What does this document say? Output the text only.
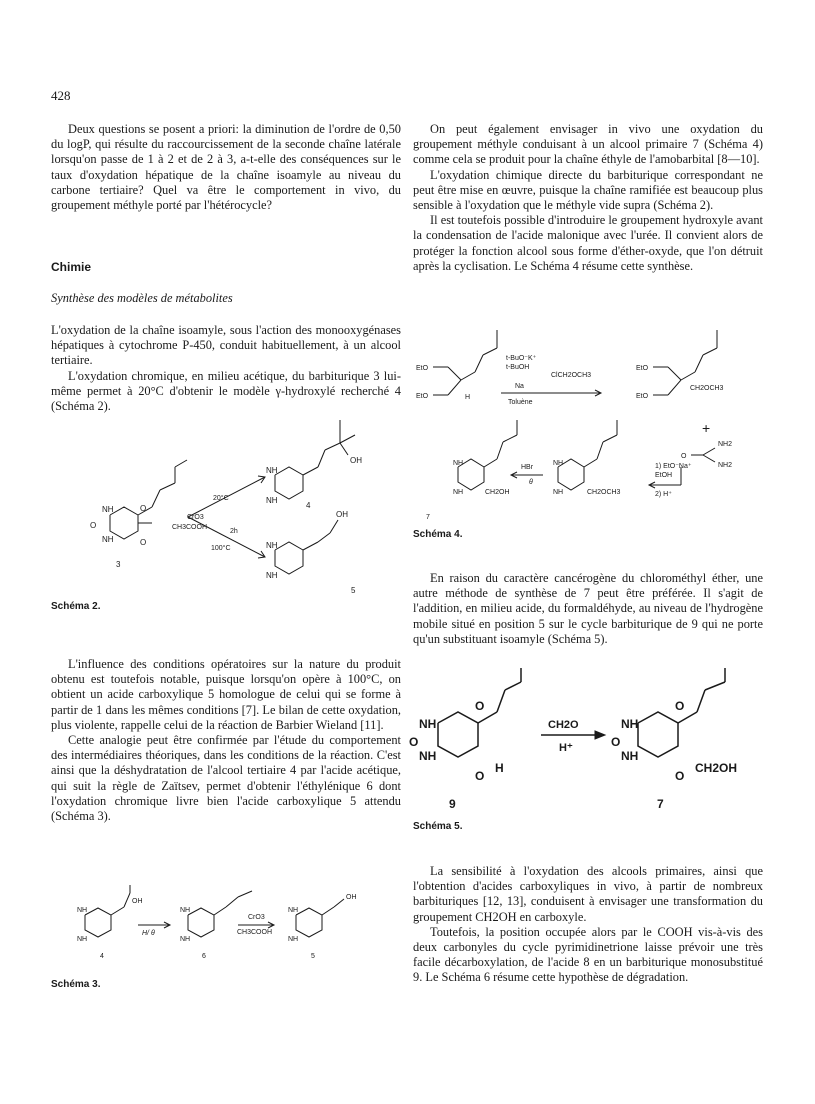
428

Deux questions se posent a priori: la diminution de l'ordre de 0,50 du logP, qui résulte du raccourcissement de la seconde chaîne latérale lorsqu'on passe de 1 à 2 et de 2 à 3, a-t-elle des conséquences sur le taux d'oxydation hépatique de la chaîne isoamyle au niveau du carbone tertiaire? Quel va être le comportement in vivo, du groupement méthyle porté par l'hétérocycle?

Chimie
Synthèse des modèles de métabolites

L'oxydation de la chaîne isoamyle, sous l'action des monooxygénases hépatiques à cytochrome P-450, conduit habituellement, à un alcool tertiaire.

L'oxydation chromique, en milieu acétique, du barbiturique 3 lui-même permet à 20°C d'obtenir le modèle γ-hydroxylé recherché 4 (Schéma 2).

NH
NH
O
O
O
3
20°C
CrO3
CH3COOH
2h
100°C
NH
NH
OH
4
NH
NH
OH
5
Schéma 2.

L'influence des conditions opératoires sur la nature du produit obtenu est toutefois notable, puisque lorsqu'on opère à 100°C, on obtient un acide carboxylique 5 homologue de celui qui se forme à partir de 1 dans les mêmes conditions [7]. Le bilan de cette oxydation, plus violente, rappelle celui de la réaction de Barbier Wieland [11].

Cette analogie peut être confirmée par l'étude du comportement des intermédiaires théoriques, dans les conditions de la réaction. C'est ainsi que la déshydratation de l'alcool tertiaire 4 par l'acide acétique, qui suit la règle de Zaïtsev, permet d'obtenir l'éthylénique 6 dont l'oxydation chromique livre bien l'acide carboxylique 5 attendu (Schéma 3).

NH
NH
OH
4
H/ θ
NH
NH
6
CrO3
CH3COOH
NH
NH
OH
5
Schéma 3.

On peut également envisager in vivo une oxydation du groupement méthyle conduisant à un alcool primaire 7 (Schéma 4) comme cela se produit pour la chaîne éthyle de l'amobarbital [8—10].

L'oxydation chimique directe du barbiturique correspondant ne peut être mise en œuvre, puisque la chaîne ramifiée est beaucoup plus sensible à l'oxydation que le méthyle vide supra (Schéma 2).

Il est toutefois possible d'introduire le groupement hydroxyle avant la condensation de l'acide malonique avec l'urée. Il convient alors de protéger la fonction alcool sous forme d'éther-oxyde, que l'on détruit après la cyclisation. Le Schéma 4 résume cette synthèse.

EtO
EtO	H
t-BuO⁻K⁺
t-BuOH
Na
Toluène
ClCH2OCH3
EtO
EtO
CH2OCH3
+
NH2
NH2
O
1) EtO⁻Na⁺
EtOH
2) H⁺
NH
NH	CH2OCH3
HBr
θ
NH
NH	CH2OH
7
Schéma 4.

En raison du caractère cancérogène du chlorométhyl éther, une autre méthode de synthèse de 7 peut être préférée. Il s'agit de l'addition, en milieu acide, du formaldéhyde, au niveau de l'hydrogène mobile situé en position 5 sur le cycle barbiturique de 9 qui ne porte qu'un substituant isoamyle (Schéma 5).

NH
NH
O
O
O
H
9
CH2O
H⁺
NH
NH
O
O
O
CH2OH
7
Schéma 5.

La sensibilité à l'oxydation des alcools primaires, ainsi que l'obtention d'acides carboxyliques in vivo, à partir de nombreux barbituriques [12, 13], conduisent à envisager une transformation du groupement CH2OH en carboxyle.

Toutefois, la position occupée alors par le COOH vis-à-vis des deux carbonyles du cycle pyrimidinetrione laisse prévoir une très facile décarboxylation, de l'acide 8 en un barbiturique monosubstitué 9. Le Schéma 6 résume cette hypothèse de dégradation.
